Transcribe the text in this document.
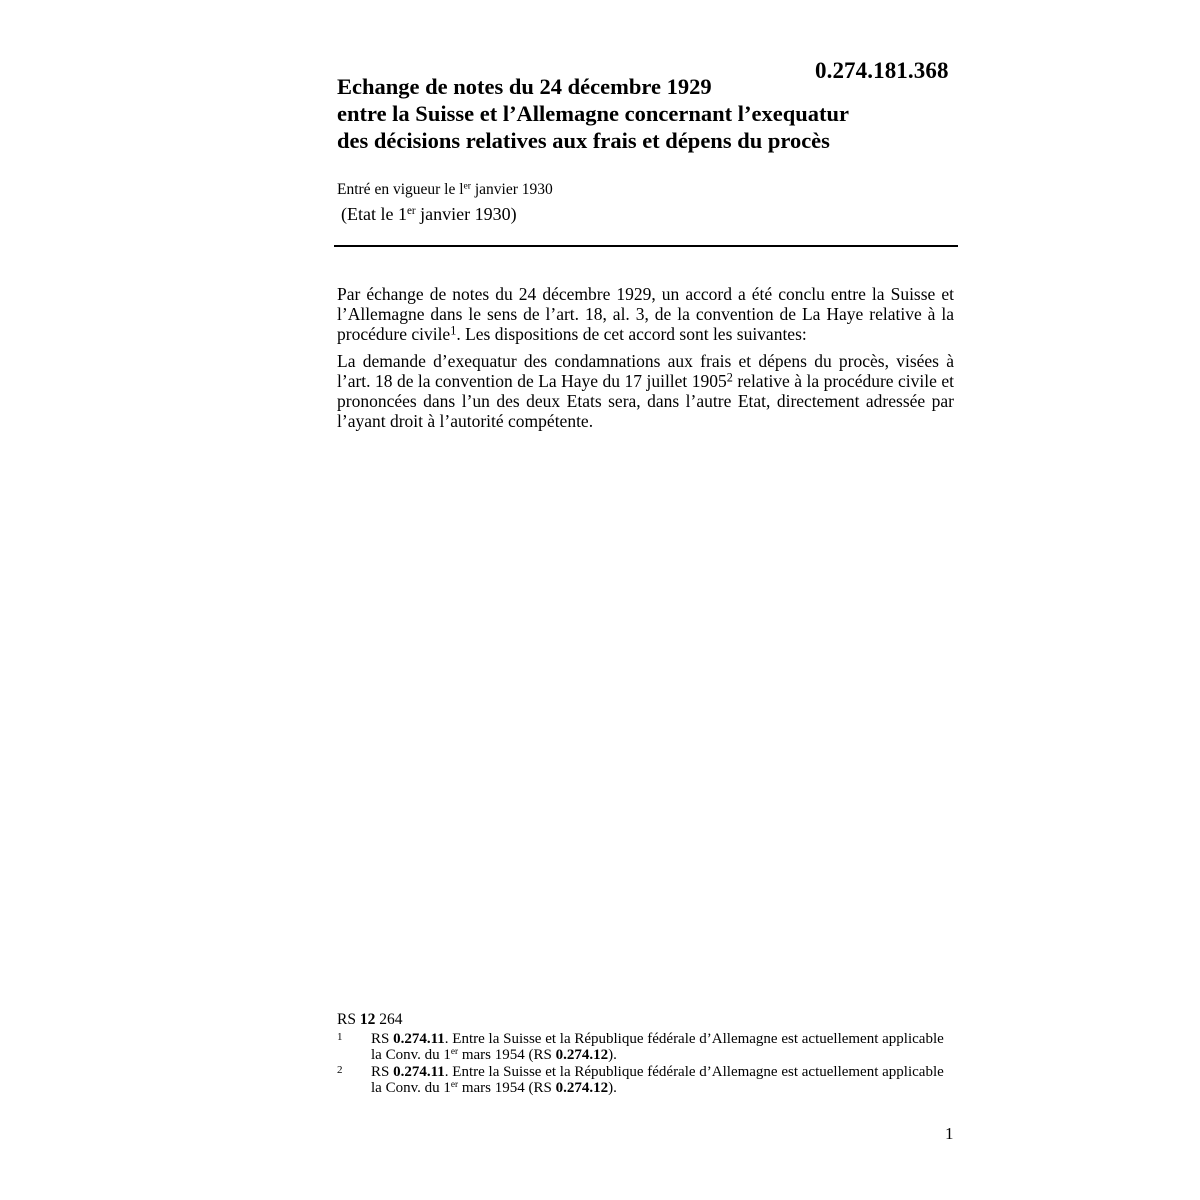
0.274.181.368
Echange de notes du 24 décembre 1929
entre la Suisse et l’Allemagne concernant l’exequatur
des décisions relatives aux frais et dépens du procès
Entré en vigueur le $l^{er}$ janvier 1930
(Etat le 1er janvier 1930)

Par échange de notes du 24 décembre 1929, un accord a été conclu entre la Suisse et l’Allemagne dans le sens de l’art. 18, al. 3, de la convention de La Haye relative à la procédure civile$^1$. Les dispositions de cet accord sont les suivantes:

La demande d’exequatur des condamnations aux frais et dépens du procès, visées à l’art. 18 de la convention de La Haye du 17 juillet 1905$^2$ relative à la procédure civile et prononcées dans l’un des deux Etats sera, dans l’autre Etat, directement adressée par l’ayant droit à l’autorité compétente.

RS 12 264
1 RS 0.274.11. Entre la Suisse et la République fédérale d’Allemagne est actuellement applicable la Conv. du 1er mars 1954 (RS 0.274.12).
2 RS 0.274.11. Entre la Suisse et la République fédérale d’Allemagne est actuellement applicable la Conv. du 1er mars 1954 (RS 0.274.12).
1
